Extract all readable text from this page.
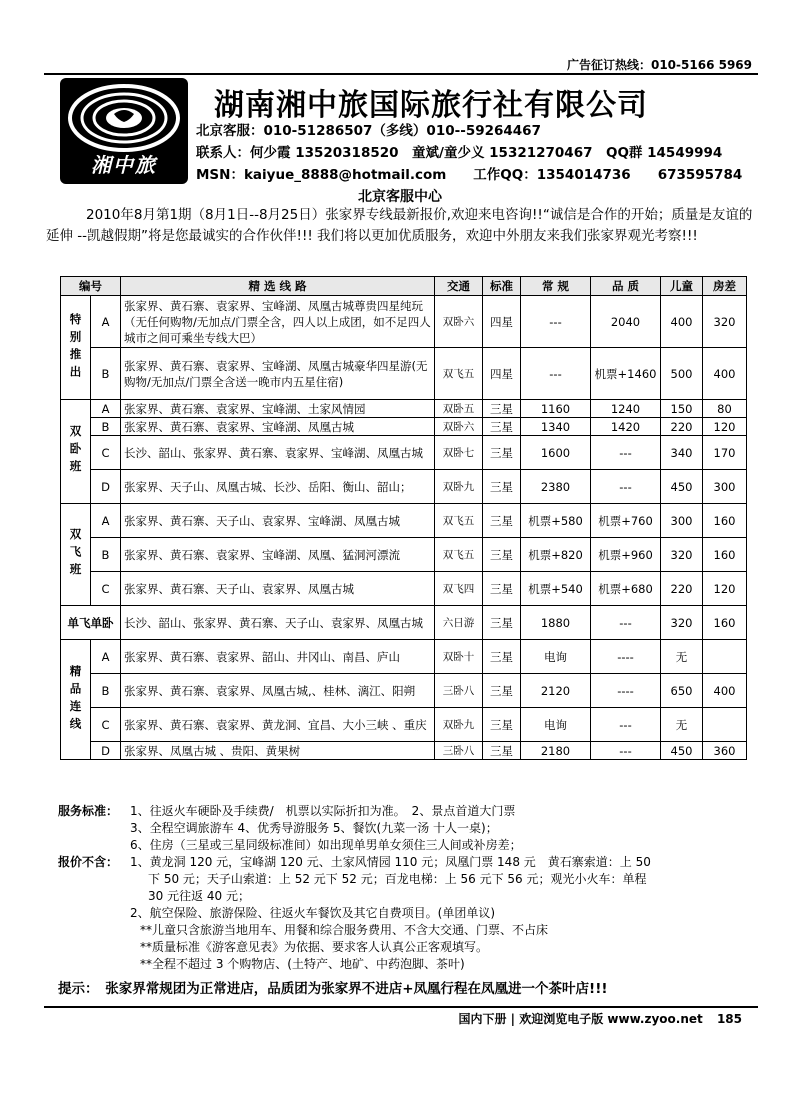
广告征订热线：010-5166 5969
湘中旅
湖南湘中旅国际旅行社有限公司
北京客服：010-51286507（多线）010--59264467
联系人：何少霞 13520318520　童斌/童少义 15321270467　QQ群 14549994
MSN：kaiyue_8888@hotmail.com　　工作QQ：1354014736　　673595784
北京客服中心
2010年8月第1期（8月1日--8月25日）张家界专线最新报价,欢迎来电咨询!!“诚信是合作的开始；质量是友谊的延伸 --凯越假期”将是您最诚实的合作伙伴!!! 我们将以更加优质服务，欢迎中外朋友来我们张家界观光考察!!!
编号		精 选 线 路	交通	标准	常 规	品 质	儿童	房差
特别推出	A	张家界、黄石寨、袁家界、宝峰湖、凤凰古城尊贵四星纯玩（无任何购物/无加点/门票全含，四人以上成团，如不足四人城市之间可乘坐专线大巴）	双卧六	四星	---	2040	400	320
	B	张家界、黄石寨、袁家界、宝峰湖、凤凰古城豪华四星游(无购物/无加点/门票全含送一晚市内五星住宿)	双飞五	四星	---	机票+1460	500	400
双卧班	A	张家界、黄石寨、袁家界、宝峰湖、土家风情园	双卧五	三星	1160	1240	150	80
	B	张家界、黄石寨、袁家界、宝峰湖、凤凰古城	双卧六	三星	1340	1420	220	120
	C	长沙、韶山、张家界、黄石寨、袁家界、宝峰湖、凤凰古城	双卧七	三星	1600	---	340	170
	D	张家界、天子山、凤凰古城、长沙、岳阳、衡山、韶山；	双卧九	三星	2380	---	450	300
双飞班	A	张家界、黄石寨、天子山、袁家界、宝峰湖、凤凰古城	双飞五	三星	机票+580	机票+760	300	160
	B	张家界、黄石寨、袁家界、宝峰湖、凤凰、猛洞河漂流	双飞五	三星	机票+820	机票+960	320	160
	C	张家界、黄石寨、天子山、袁家界、凤凰古城	双飞四	三星	机票+540	机票+680	220	120
单飞单卧		长沙、韶山、张家界、黄石寨、天子山、袁家界、凤凰古城	六日游	三星	1880	---	320	160
精品连线	A	张家界、黄石寨、袁家界、韶山、井冈山、南昌、庐山	双卧十	三星	电询	----	无	
	B	张家界、黄石寨、袁家界、凤凰古城,、桂林、漓江、阳朔	三卧八	三星	2120	----	650	400
	C	张家界、黄石寨、袁家界、黄龙洞、宜昌、大小三峡 、重庆	双卧九	三星	电询	---	无	
	D	张家界、凤凰古城 、贵阳、黄果树	三卧八	三星	2180	---	450	360
服务标准： 1、往返火车硬卧及手续费/　机票以实际折扣为准。　2、景点首道大门票
3、全程空调旅游车 4、优秀导游服务 5、餐饮(九菜一汤 十人一桌)；
6、住房（三星或三星同级标准间）如出现单男单女须住三人间或补房差；
报价不含： 1、黄龙洞 120 元，宝峰湖 120 元、土家风情园 110 元；凤凰门票 148 元　黄石寨索道：上 50
下 50 元；天子山索道：上 52 元下 52 元；百龙电梯：上 56 元下 56 元；观光小火车：单程
30 元往返 40 元；
2、航空保险、旅游保险、往返火车餐饮及其它自费项目。(单团单议)
**儿童只含旅游当地用车、用餐和综合服务费用、不含大交通、门票、不占床
**质量标准《游客意见表》为依据、要求客人认真公正客观填写。
**全程不超过 3 个购物店、(土特产、地矿、中药泡脚、茶叶)
提示：　张家界常规团为正常进店，品质团为张家界不进店+凤凰行程在凤凰进一个茶叶店!!!
国内下册 | 欢迎浏览电子版 www.zyoo.net 185
